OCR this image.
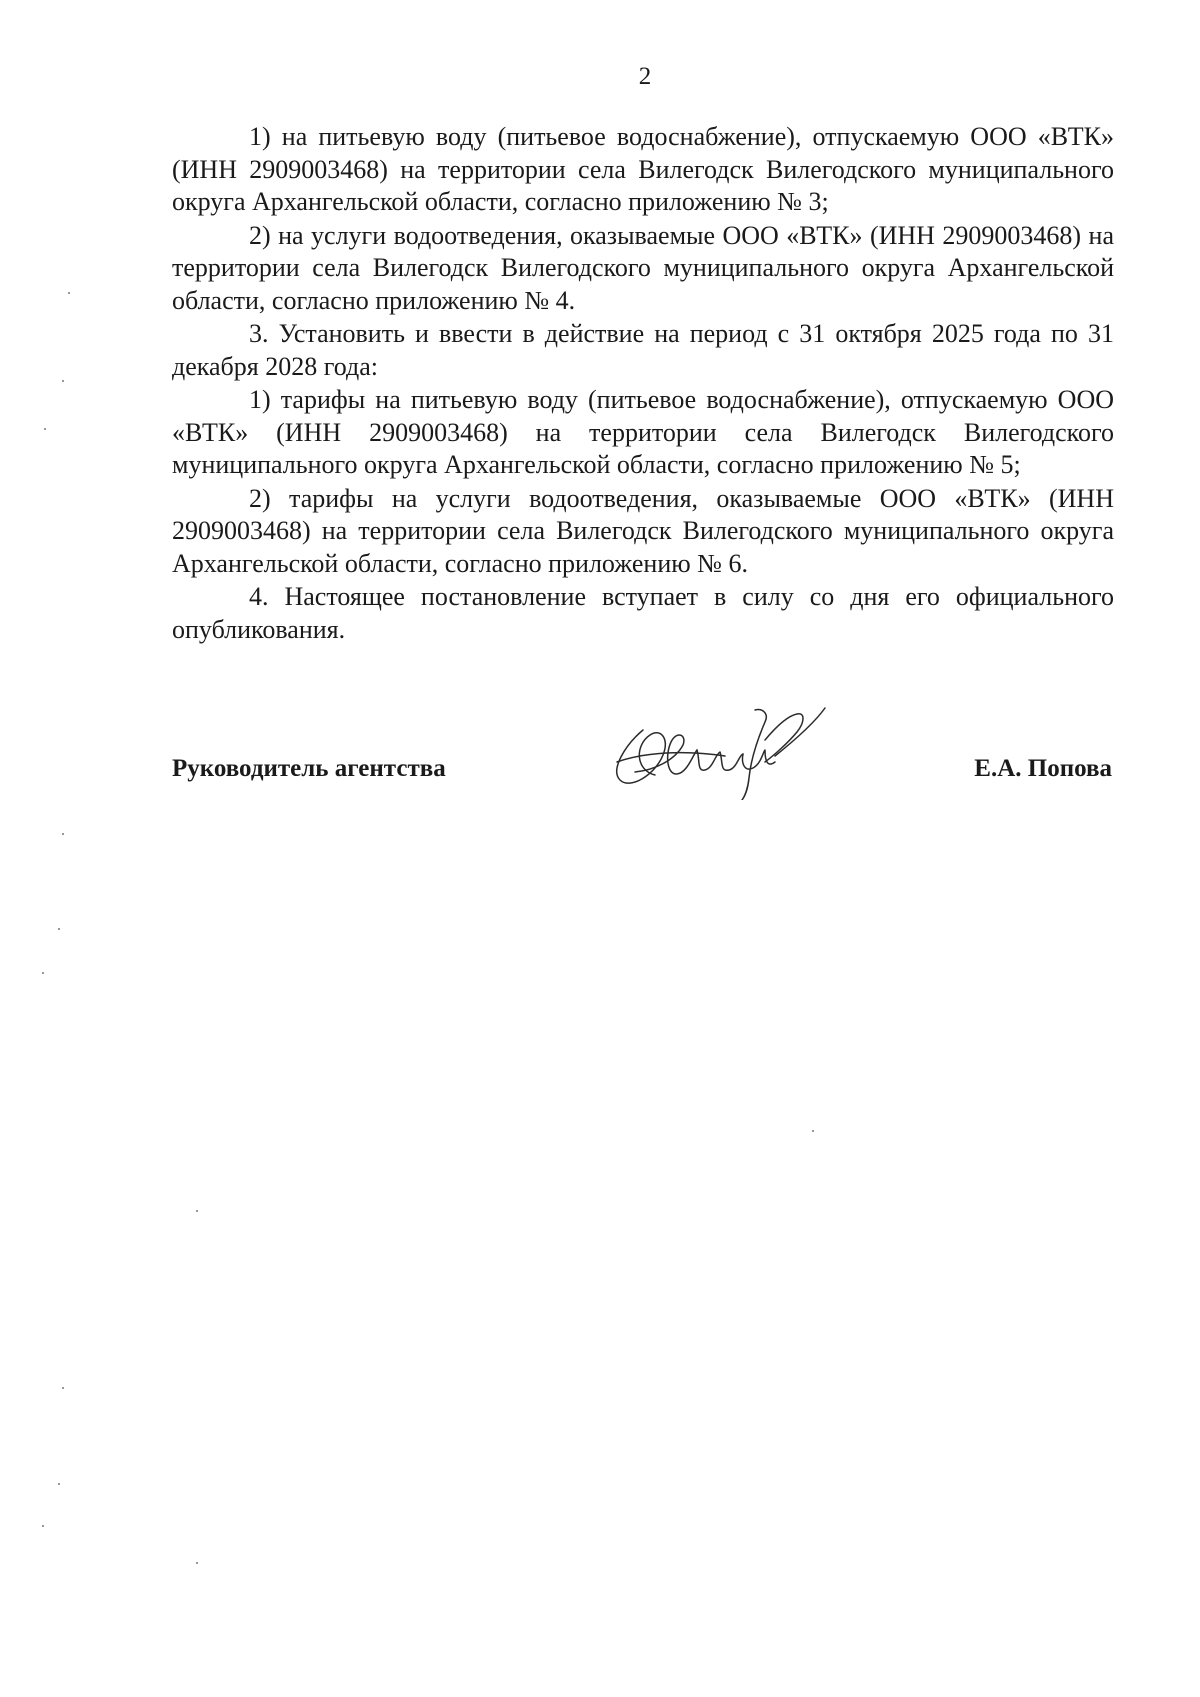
2

1) на питьевую воду (питьевое водоснабжение), отпускаемую ООО «ВТК» (ИНН 2909003468) на территории села Вилегодск Вилегодского муниципального округа Архангельской области, согласно приложению № 3;

2) на услуги водоотведения, оказываемые ООО «ВТК» (ИНН 2909003468) на территории села Вилегодск Вилегодского муниципального округа Архангельской области, согласно приложению № 4.

3. Установить и ввести в действие на период с 31 октября 2025 года по 31 декабря 2028 года:

1) тарифы на питьевую воду (питьевое водоснабжение), отпускаемую ООО «ВТК» (ИНН 2909003468) на территории села Вилегодск Вилегодского муниципального округа Архангельской области, согласно приложению № 5;

2) тарифы на услуги водоотведения, оказываемые ООО «ВТК» (ИНН 2909003468) на территории села Вилегодск Вилегодского муниципального округа Архангельской области, согласно приложению № 6.

4. Настоящее постановление вступает в силу со дня его официального опубликования.

Руководитель агентства	Е.А. Попова
